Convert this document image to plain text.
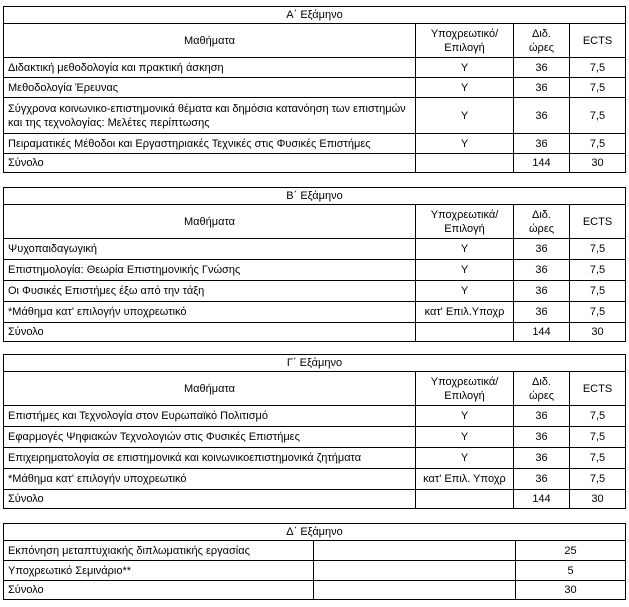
Α΄ Εξάμηνο			
Μαθήματα	Υποχρεωτικό/ Επιλογή	Διδ. ώρες	ECTS
Διδακτική μεθοδολογία και πρακτική άσκηση	Υ	36	7,5
Μεθοδολογία Έρευνας	Υ	36	7,5
Σύγχρονα κοινωνικο-επιστημονικά θέματα και δημόσια κατανόηση των επιστημών και της τεχνολογίας: Μελέτες περίπτωσης	Υ	36	7,5
Πειραματικές Μέθοδοι και Εργαστηριακές Τεχνικές στις Φυσικές Επιστήμες	Υ	36	7,5
Σύνολο		144	30
Β΄ Εξάμηνο			
Μαθήματα	Υποχρεωτικά/ Επιλογή	Διδ. ώρες	ECTS
Ψυχοπαιδαγωγική	Υ	36	7,5
Επιστημολογία: Θεωρία Επιστημονικής Γνώσης	Υ	36	7,5
Οι Φυσικές Επιστήμες έξω από την τάξη	Υ	36	7,5
*Μάθημα κατ' επιλογήν υποχρεωτικό	κατ' Επιλ.Υποχρ	36	7,5
Σύνολο		144	30
Γ΄ Εξάμηνο			
Μαθήματα	Υποχρεωτικά/ Επιλογή	Διδ. ώρες	ECTS
Επιστήμες και Τεχνολογία στον Ευρωπαϊκό Πολιτισμό	Υ	36	7,5
Εφαρμογές Ψηφιακών Τεχνολογιών στις Φυσικές Επιστήμες	Υ	36	7,5
Επιχειρηματολογία σε επιστημονικά και κοινωνικοεπιστημονικά ζητήματα	Υ	36	7,5
*Μάθημα κατ' επιλογήν υποχρεωτικό	κατ' Επιλ. Υποχρ	36	7,5
Σύνολο		144	30
Δ΄ Εξάμηνο		
Εκπόνηση μεταπτυχιακής διπλωματικής εργασίας		25
Υποχρεωτικό Σεμινάριο**		5
Σύνολο		30
